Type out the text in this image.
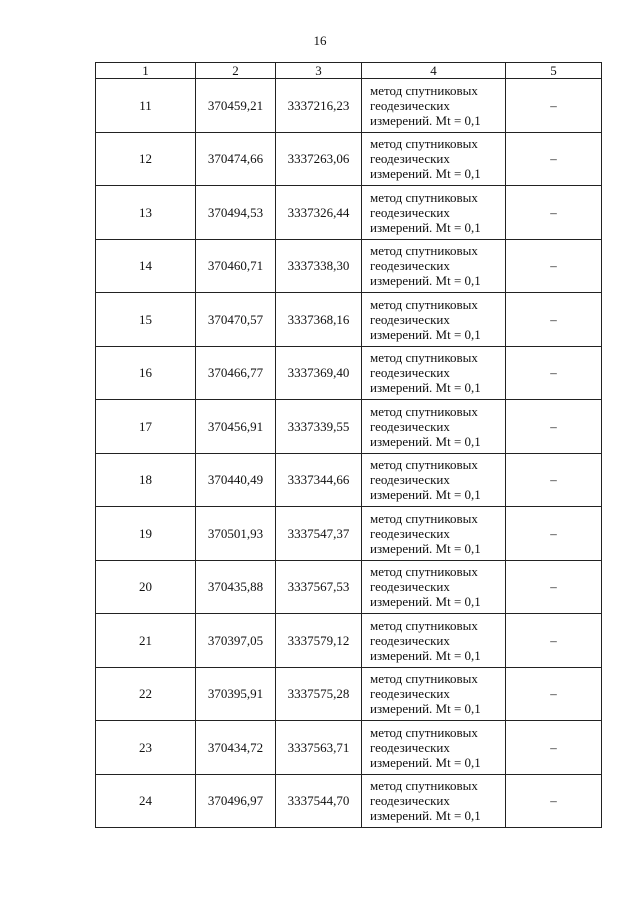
16
1	2	3	4	5
11	370459,21	3337216,23	метод спутниковых
геодезических
измерений. Mt = 0,1	–
12	370474,66	3337263,06	метод спутниковых
геодезических
измерений. Mt = 0,1	–
13	370494,53	3337326,44	метод спутниковых
геодезических
измерений. Mt = 0,1	–
14	370460,71	3337338,30	метод спутниковых
геодезических
измерений. Mt = 0,1	–
15	370470,57	3337368,16	метод спутниковых
геодезических
измерений. Mt = 0,1	–
16	370466,77	3337369,40	метод спутниковых
геодезических
измерений. Mt = 0,1	–
17	370456,91	3337339,55	метод спутниковых
геодезических
измерений. Mt = 0,1	–
18	370440,49	3337344,66	метод спутниковых
геодезических
измерений. Mt = 0,1	–
19	370501,93	3337547,37	метод спутниковых
геодезических
измерений. Mt = 0,1	–
20	370435,88	3337567,53	метод спутниковых
геодезических
измерений. Mt = 0,1	–
21	370397,05	3337579,12	метод спутниковых
геодезических
измерений. Mt = 0,1	–
22	370395,91	3337575,28	метод спутниковых
геодезических
измерений. Mt = 0,1	–
23	370434,72	3337563,71	метод спутниковых
геодезических
измерений. Mt = 0,1	–
24	370496,97	3337544,70	метод спутниковых
геодезических
измерений. Mt = 0,1	–
